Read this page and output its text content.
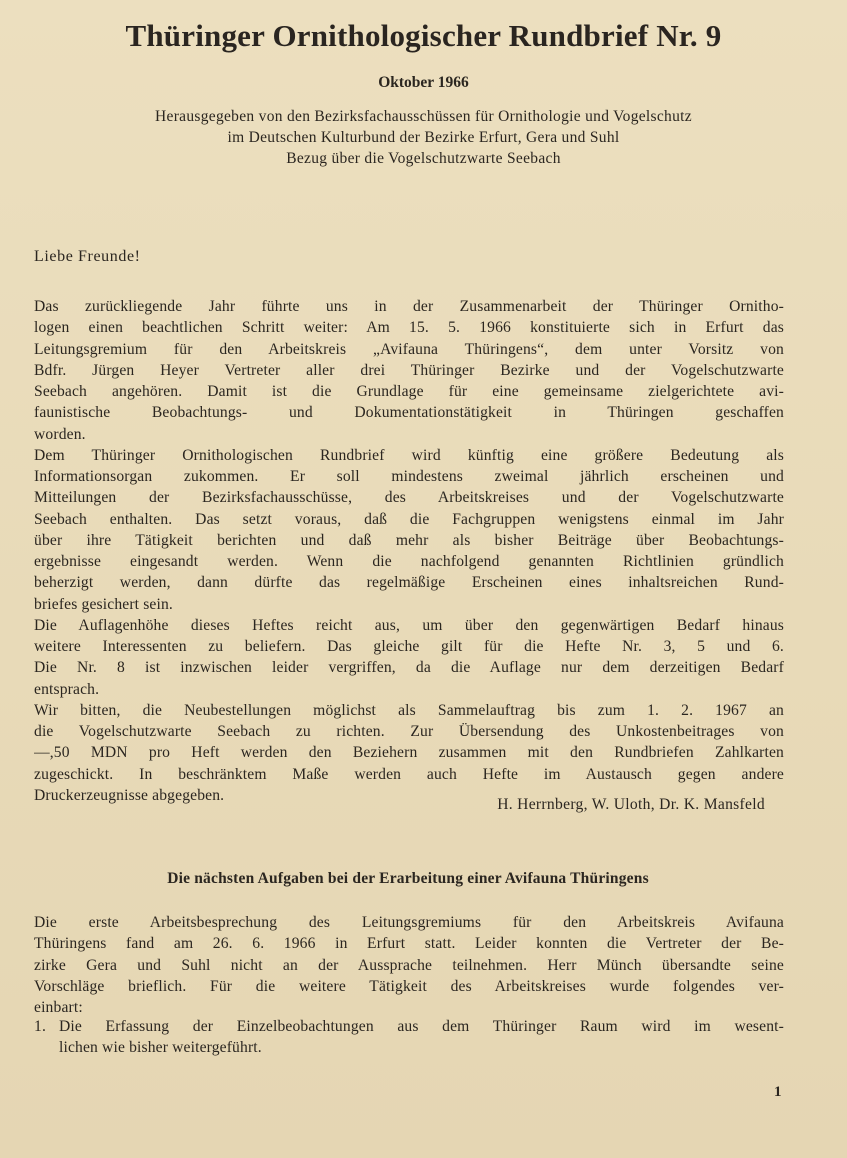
Thüringer Ornithologischer Rundbrief Nr. 9
Oktober 1966
Herausgegeben von den Bezirksfachausschüssen für Ornithologie und Vogelschutz
im Deutschen Kulturbund der Bezirke Erfurt, Gera und Suhl
Bezug über die Vogelschutzwarte Seebach
Liebe Freunde!
Das zurückliegende Jahr führte uns in der Zusammenarbeit der Thüringer Ornitho-
logen einen beachtlichen Schritt weiter: Am 15. 5. 1966 konstituierte sich in Erfurt das
Leitungsgremium für den Arbeitskreis „Avifauna Thüringens“, dem unter Vorsitz von
Bdfr. Jürgen Heyer Vertreter aller drei Thüringer Bezirke und der Vogelschutzwarte
Seebach angehören. Damit ist die Grundlage für eine gemeinsame zielgerichtete avi-
faunistische Beobachtungs- und Dokumentationstätigkeit in Thüringen geschaffen
worden.
Dem Thüringer Ornithologischen Rundbrief wird künftig eine größere Bedeutung als
Informationsorgan zukommen. Er soll mindestens zweimal jährlich erscheinen und
Mitteilungen der Bezirksfachausschüsse, des Arbeitskreises und der Vogelschutzwarte
Seebach enthalten. Das setzt voraus, daß die Fachgruppen wenigstens einmal im Jahr
über ihre Tätigkeit berichten und daß mehr als bisher Beiträge über Beobachtungs-
ergebnisse eingesandt werden. Wenn die nachfolgend genannten Richtlinien gründlich
beherzigt werden, dann dürfte das regelmäßige Erscheinen eines inhaltsreichen Rund-
briefes gesichert sein.
Die Auflagenhöhe dieses Heftes reicht aus, um über den gegenwärtigen Bedarf hinaus
weitere Interessenten zu beliefern. Das gleiche gilt für die Hefte Nr. 3, 5 und 6.
Die Nr. 8 ist inzwischen leider vergriffen, da die Auflage nur dem derzeitigen Bedarf
entsprach.
Wir bitten, die Neubestellungen möglichst als Sammelauftrag bis zum 1. 2. 1967 an
die Vogelschutzwarte Seebach zu richten. Zur Übersendung des Unkostenbeitrages von
—,50 MDN pro Heft werden den Beziehern zusammen mit den Rundbriefen Zahlkarten
zugeschickt. In beschränktem Maße werden auch Hefte im Austausch gegen andere
Druckerzeugnisse abgegeben.
H. Herrnberg, W. Uloth, Dr. K. Mansfeld
Die nächsten Aufgaben bei der Erarbeitung einer Avifauna Thüringens
Die erste Arbeitsbesprechung des Leitungsgremiums für den Arbeitskreis Avifauna
Thüringens fand am 26. 6. 1966 in Erfurt statt. Leider konnten die Vertreter der Be-
zirke Gera und Suhl nicht an der Aussprache teilnehmen. Herr Münch übersandte seine
Vorschläge brieflich. Für die weitere Tätigkeit des Arbeitskreises wurde folgendes ver-
einbart:
1. Die Erfassung der Einzelbeobachtungen aus dem Thüringer Raum wird im wesent-
lichen wie bisher weitergeführt.
1
